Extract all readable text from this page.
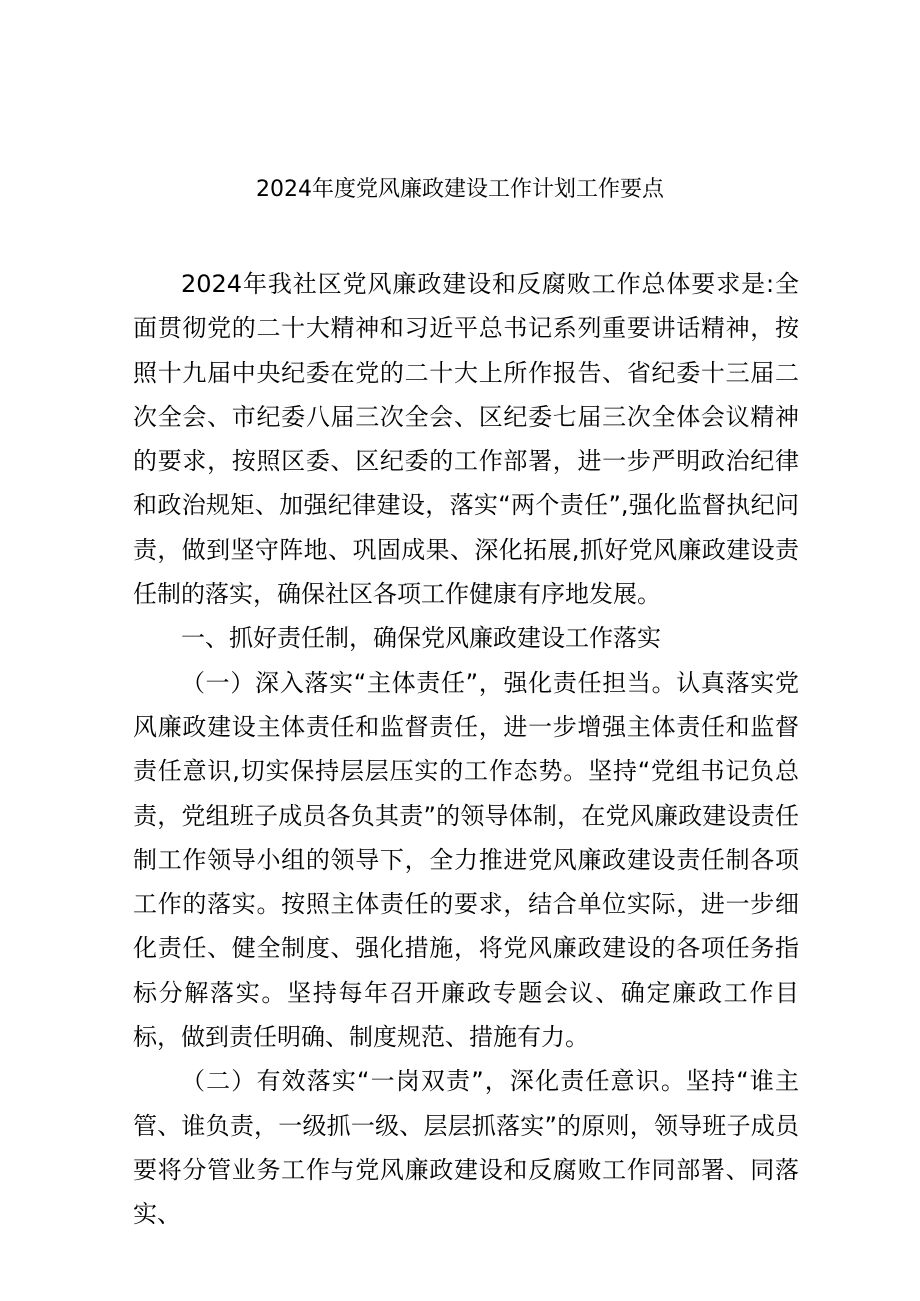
2024年度党风廉政建设工作计划工作要点

2024年我社区党风廉政建设和反腐败工作总体要求是:全面贯彻党的二十大精神和习近平总书记系列重要讲话精神，按照十九届中央纪委在党的二十大上所作报告、省纪委十三届二次全会、市纪委八届三次全会、区纪委七届三次全体会议精神的要求，按照区委、区纪委的工作部署，进一步严明政治纪律和政治规矩、加强纪律建设，落实“两个责任”,强化监督执纪问责，做到坚守阵地、巩固成果、深化拓展,抓好党风廉政建设责任制的落实，确保社区各项工作健康有序地发展。

一、抓好责任制，确保党风廉政建设工作落实

（一）深入落实“主体责任”，强化责任担当。认真落实党风廉政建设主体责任和监督责任，进一步增强主体责任和监督责任意识,切实保持层层压实的工作态势。坚持“党组书记负总责，党组班子成员各负其责”的领导体制，在党风廉政建设责任制工作领导小组的领导下，全力推进党风廉政建设责任制各项工作的落实。按照主体责任的要求，结合单位实际，进一步细化责任、健全制度、强化措施，将党风廉政建设的各项任务指标分解落实。坚持每年召开廉政专题会议、确定廉政工作目标，做到责任明确、制度规范、措施有力。

（二）有效落实“一岗双责”，深化责任意识。坚持“谁主管、谁负责，一级抓一级、层层抓落实”的原则，领导班子成员要将分管业务工作与党风廉政建设和反腐败工作同部署、同落实、
